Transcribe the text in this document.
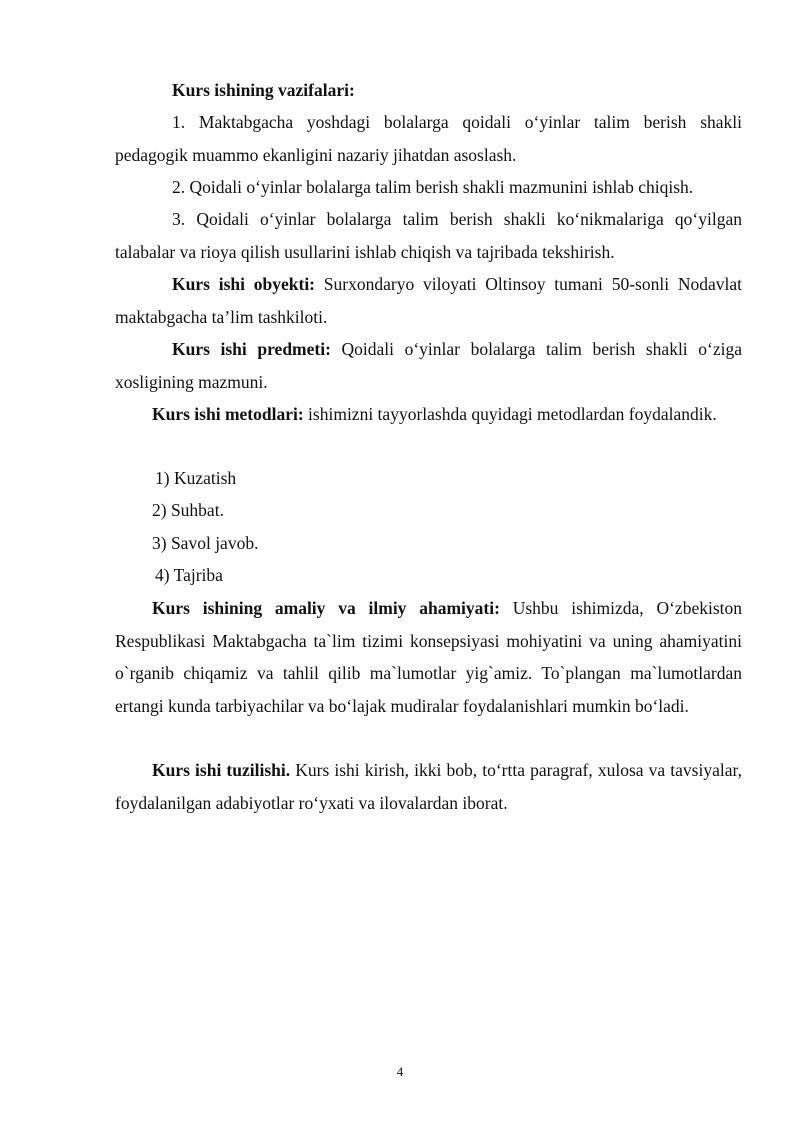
Kurs ishining vazifalari:

1. Maktabgacha yoshdagi bolalarga qoidali o‘yinlar talim berish shakli pedagogik muammo ekanligini nazariy jihatdan asoslash.

2. Qoidali o‘yinlar bolalarga talim berish shakli mazmunini ishlab chiqish.

3. Qoidali o‘yinlar bolalarga talim berish shakli ko‘nikmalariga qo‘yilgan talabalar va rioya qilish usullarini ishlab chiqish va tajribada tekshirish.

Kurs ishi obyekti: Surxondaryo viloyati Oltinsoy tumani 50-sonli Nodavlat maktabgacha ta’lim tashkiloti.

Kurs ishi predmeti: Qoidali o‘yinlar bolalarga talim berish shakli o‘ziga xosligining mazmuni.

Kurs ishi metodlari: ishimizni tayyorlashda quyidagi metodlardan foydalandik.

1) Kuzatish

2) Suhbat.

3) Savol javob.

4) Tajriba

Kurs ishining amaliy va ilmiy ahamiyati: Ushbu ishimizda, O‘zbekiston Respublikasi Maktabgacha ta`lim tizimi konsepsiyasi mohiyatini va uning ahamiyatini o`rganib chiqamiz va tahlil qilib ma`lumotlar yig`amiz. To`plangan ma`lumotlardan ertangi kunda tarbiyachilar va bo‘lajak mudiralar foydalanishlari mumkin bo‘ladi.

Kurs ishi tuzilishi. Kurs ishi kirish, ikki bob, to‘rtta paragraf, xulosa va tavsiyalar, foydalanilgan adabiyotlar ro‘yxati va ilovalardan iborat.

4
